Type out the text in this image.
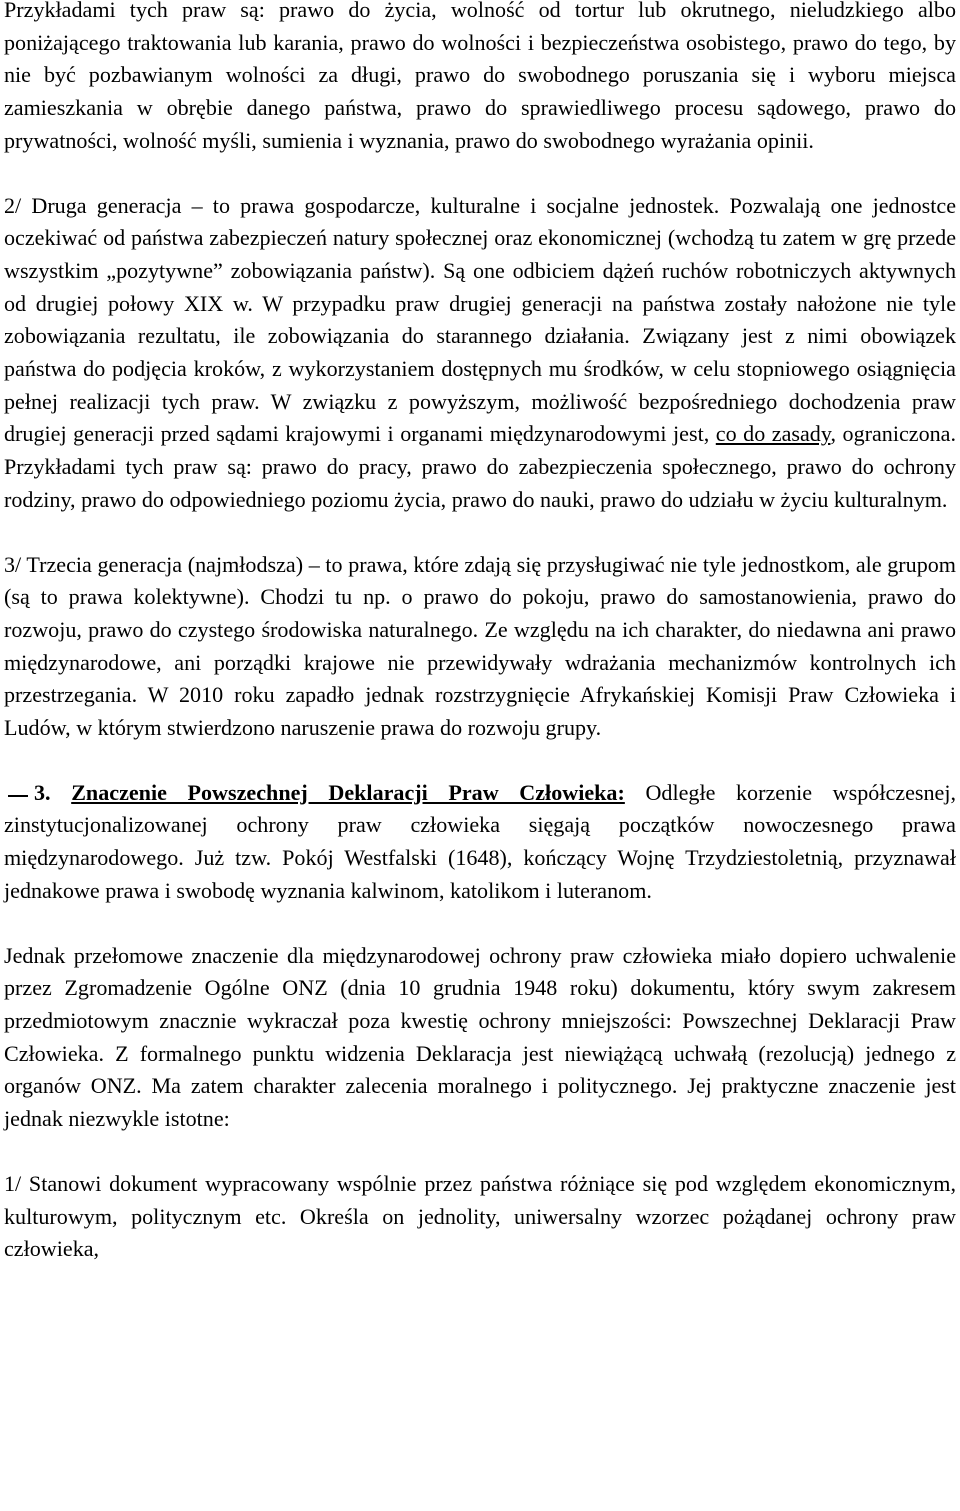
Przykładami tych praw są: prawo do życia, wolność od tortur lub okrutnego, nieludzkiego albo poniżającego traktowania lub karania, prawo do wolności i bezpieczeństwa osobistego, prawo do tego, by nie być pozbawianym wolności za długi, prawo do swobodnego poruszania się i wyboru miejsca zamieszkania w obrębie danego państwa, prawo do sprawiedliwego procesu sądowego, prawo do prywatności, wolność myśli, sumienia i wyznania, prawo do swobodnego wyrażania opinii.

2/ Druga generacja – to prawa gospodarcze, kulturalne i socjalne jednostek. Pozwalają one jednostce oczekiwać od państwa zabezpieczeń natury społecznej oraz ekonomicznej (wchodzą tu zatem w grę przede wszystkim „pozytywne” zobowiązania państw). Są one odbiciem dążeń ruchów robotniczych aktywnych od drugiej połowy XIX w. W przypadku praw drugiej generacji na państwa zostały nałożone nie tyle zobowiązania rezultatu, ile zobowiązania do starannego działania. Związany jest z nimi obowiązek państwa do podjęcia kroków, z wykorzystaniem dostępnych mu środków, w celu stopniowego osiągnięcia pełnej realizacji tych praw. W związku z powyższym, możliwość bezpośredniego dochodzenia praw drugiej generacji przed sądami krajowymi i organami międzynarodowymi jest, co do zasady, ograniczona. Przykładami tych praw są: prawo do pracy, prawo do zabezpieczenia społecznego, prawo do ochrony rodziny, prawo do odpowiedniego poziomu życia, prawo do nauki, prawo do udziału w życiu kulturalnym.

3/ Trzecia generacja (najmłodsza) – to prawa, które zdają się przysługiwać nie tyle jednostkom, ale grupom (są to prawa kolektywne). Chodzi tu np. o prawo do pokoju, prawo do samostanowienia, prawo do rozwoju, prawo do czystego środowiska naturalnego. Ze względu na ich charakter, do niedawna ani prawo międzynarodowe, ani porządki krajowe nie przewidywały wdrażania mechanizmów kontrolnych ich przestrzegania. W 2010 roku zapadło jednak rozstrzygnięcie Afrykańskiej Komisji Praw Człowieka i Ludów, w którym stwierdzono naruszenie prawa do rozwoju grupy.

3. Znaczenie Powszechnej Deklaracji Praw Człowieka: Odległe korzenie współczesnej, zinstytucjonalizowanej ochrony praw człowieka sięgają początków nowoczesnego prawa międzynarodowego. Już tzw. Pokój Westfalski (1648), kończący Wojnę Trzydziestoletnią, przyznawał jednakowe prawa i swobodę wyznania kalwinom, katolikom i luteranom.

Jednak przełomowe znaczenie dla międzynarodowej ochrony praw człowieka miało dopiero uchwalenie przez Zgromadzenie Ogólne ONZ (dnia 10 grudnia 1948 roku) dokumentu, który swym zakresem przedmiotowym znacznie wykraczał poza kwestię ochrony mniejszości: Powszechnej Deklaracji Praw Człowieka. Z formalnego punktu widzenia Deklaracja jest niewiążącą uchwałą (rezolucją) jednego z organów ONZ. Ma zatem charakter zalecenia moralnego i politycznego. Jej praktyczne znaczenie jest jednak niezwykle istotne:

1/ Stanowi dokument wypracowany wspólnie przez państwa różniące się pod względem ekonomicznym, kulturowym, politycznym etc. Określa on jednolity, uniwersalny wzorzec pożądanej ochrony praw człowieka,
